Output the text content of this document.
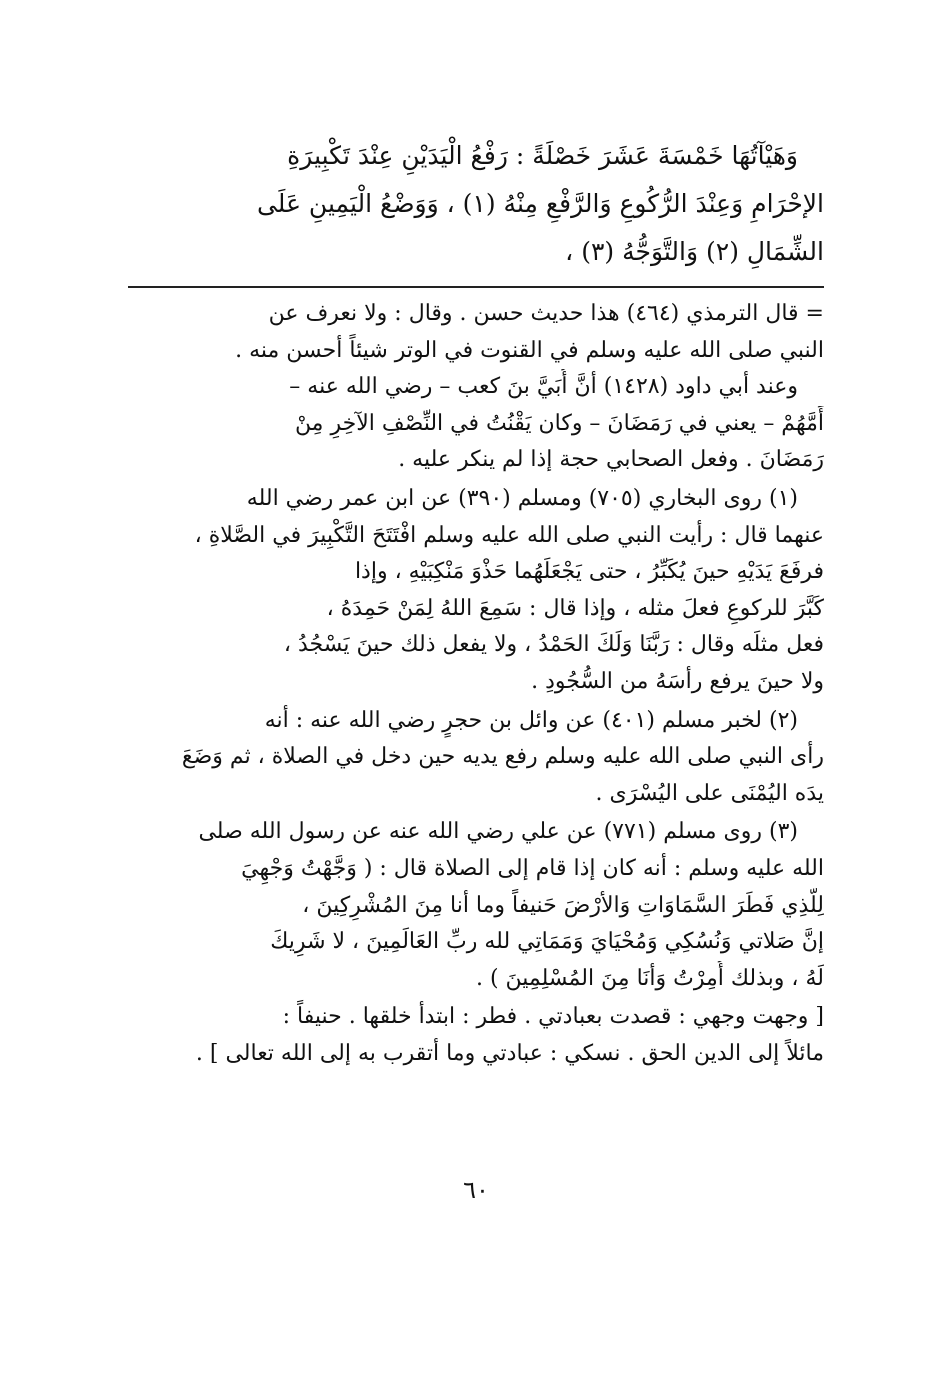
وَهَيْآتُهَا خَمْسَةَ عَشَرَ خَصْلَةً : رَفْعُ الْيَدَيْنِ عِنْدَ تَكْبِيرَةِ
الإحْرَامِ وَعِنْدَ الرُّكُوعِ وَالرَّفْعِ مِنْهُ (١) ، وَوَضْعُ الْيَمِينِ عَلَى
الشِّمَالِ (٢) وَالتَّوَجُّهُ (٣) ،
= قال الترمذي (٤٦٤) هذا حديث حسن . وقال : ولا نعرف عن
النبي صلى الله عليه وسلم في القنوت في الوتر شيئاً أحسن منه .
وعند أبي داود (١٤٢٨) أنَّ أُبَيَّ بنَ كعب – رضي الله عنه –
أَمَّهُمْ – يعني في رَمَضَانَ – وكان يَقْنُتُ في النِّصْفِ الآخِرِ مِنْ
رَمَضَانَ . وفعل الصحابي حجة إذا لم ينكر عليه .
(١) روى البخاري (٧٠٥) ومسلم (٣٩٠) عن ابن عمر رضي الله
عنهما قال : رأيت النبي صلى الله عليه وسلم افْتَتَحَ التَّكْبِيرَ في الصَّلاةِ ،
فرفَعَ يَدَيْهِ حينَ يُكَبِّرُ ، حتى يَجْعَلَهُما حَذْوَ مَنْكِبَيْهِ ، وإذا
كَبَّرَ للركوعِ فعلَ مثله ، وإذا قال : سَمِعَ اللهُ لِمَنْ حَمِدَهُ ،
فعل مثلَه وقال : رَبَّنَا وَلَكَ الحَمْدُ ، ولا يفعل ذلك حينَ يَسْجُدُ ،
ولا حينَ يرفع رأسَهُ من السُّجُودِ .
(٢) لخبر مسلم (٤٠١) عن وائل بن حجرٍ رضي الله عنه : أنه
رأى النبي صلى الله عليه وسلم رفع يديه حين دخل في الصلاة ، ثم وَضَعَ
يدَه اليُمْنَى على اليُسْرَى .
(٣) روى مسلم (٧٧١) عن علي رضي الله عنه عن رسول الله صلى
الله عليه وسلم : أنه كان إذا قام إلى الصلاة قال : ( وَجَّهْتُ وَجْهِيَ
لِلَّذِي فَطَرَ السَّمَاوَاتِ وَالأرْضَ حَنيفاً وما أنا مِنَ المُشْرِكِينَ ،
إنَّ صَلاتي وَنُسُكِي وَمُحْيَايَ وَمَمَاتِي لله ربِّ العَالَمِينَ ، لا شَرِيكَ
لَهُ ، وبذلك أُمِرْتُ وَأنَا مِنَ المُسْلِمِينَ ) .
[ وجهت وجهي : قصدت بعبادتي . فطر : ابتدأ خلقها . حنيفاً :
مائلاً إلى الدين الحق . نسكي : عبادتي وما أتقرب به إلى الله تعالى ] .
٦٠
